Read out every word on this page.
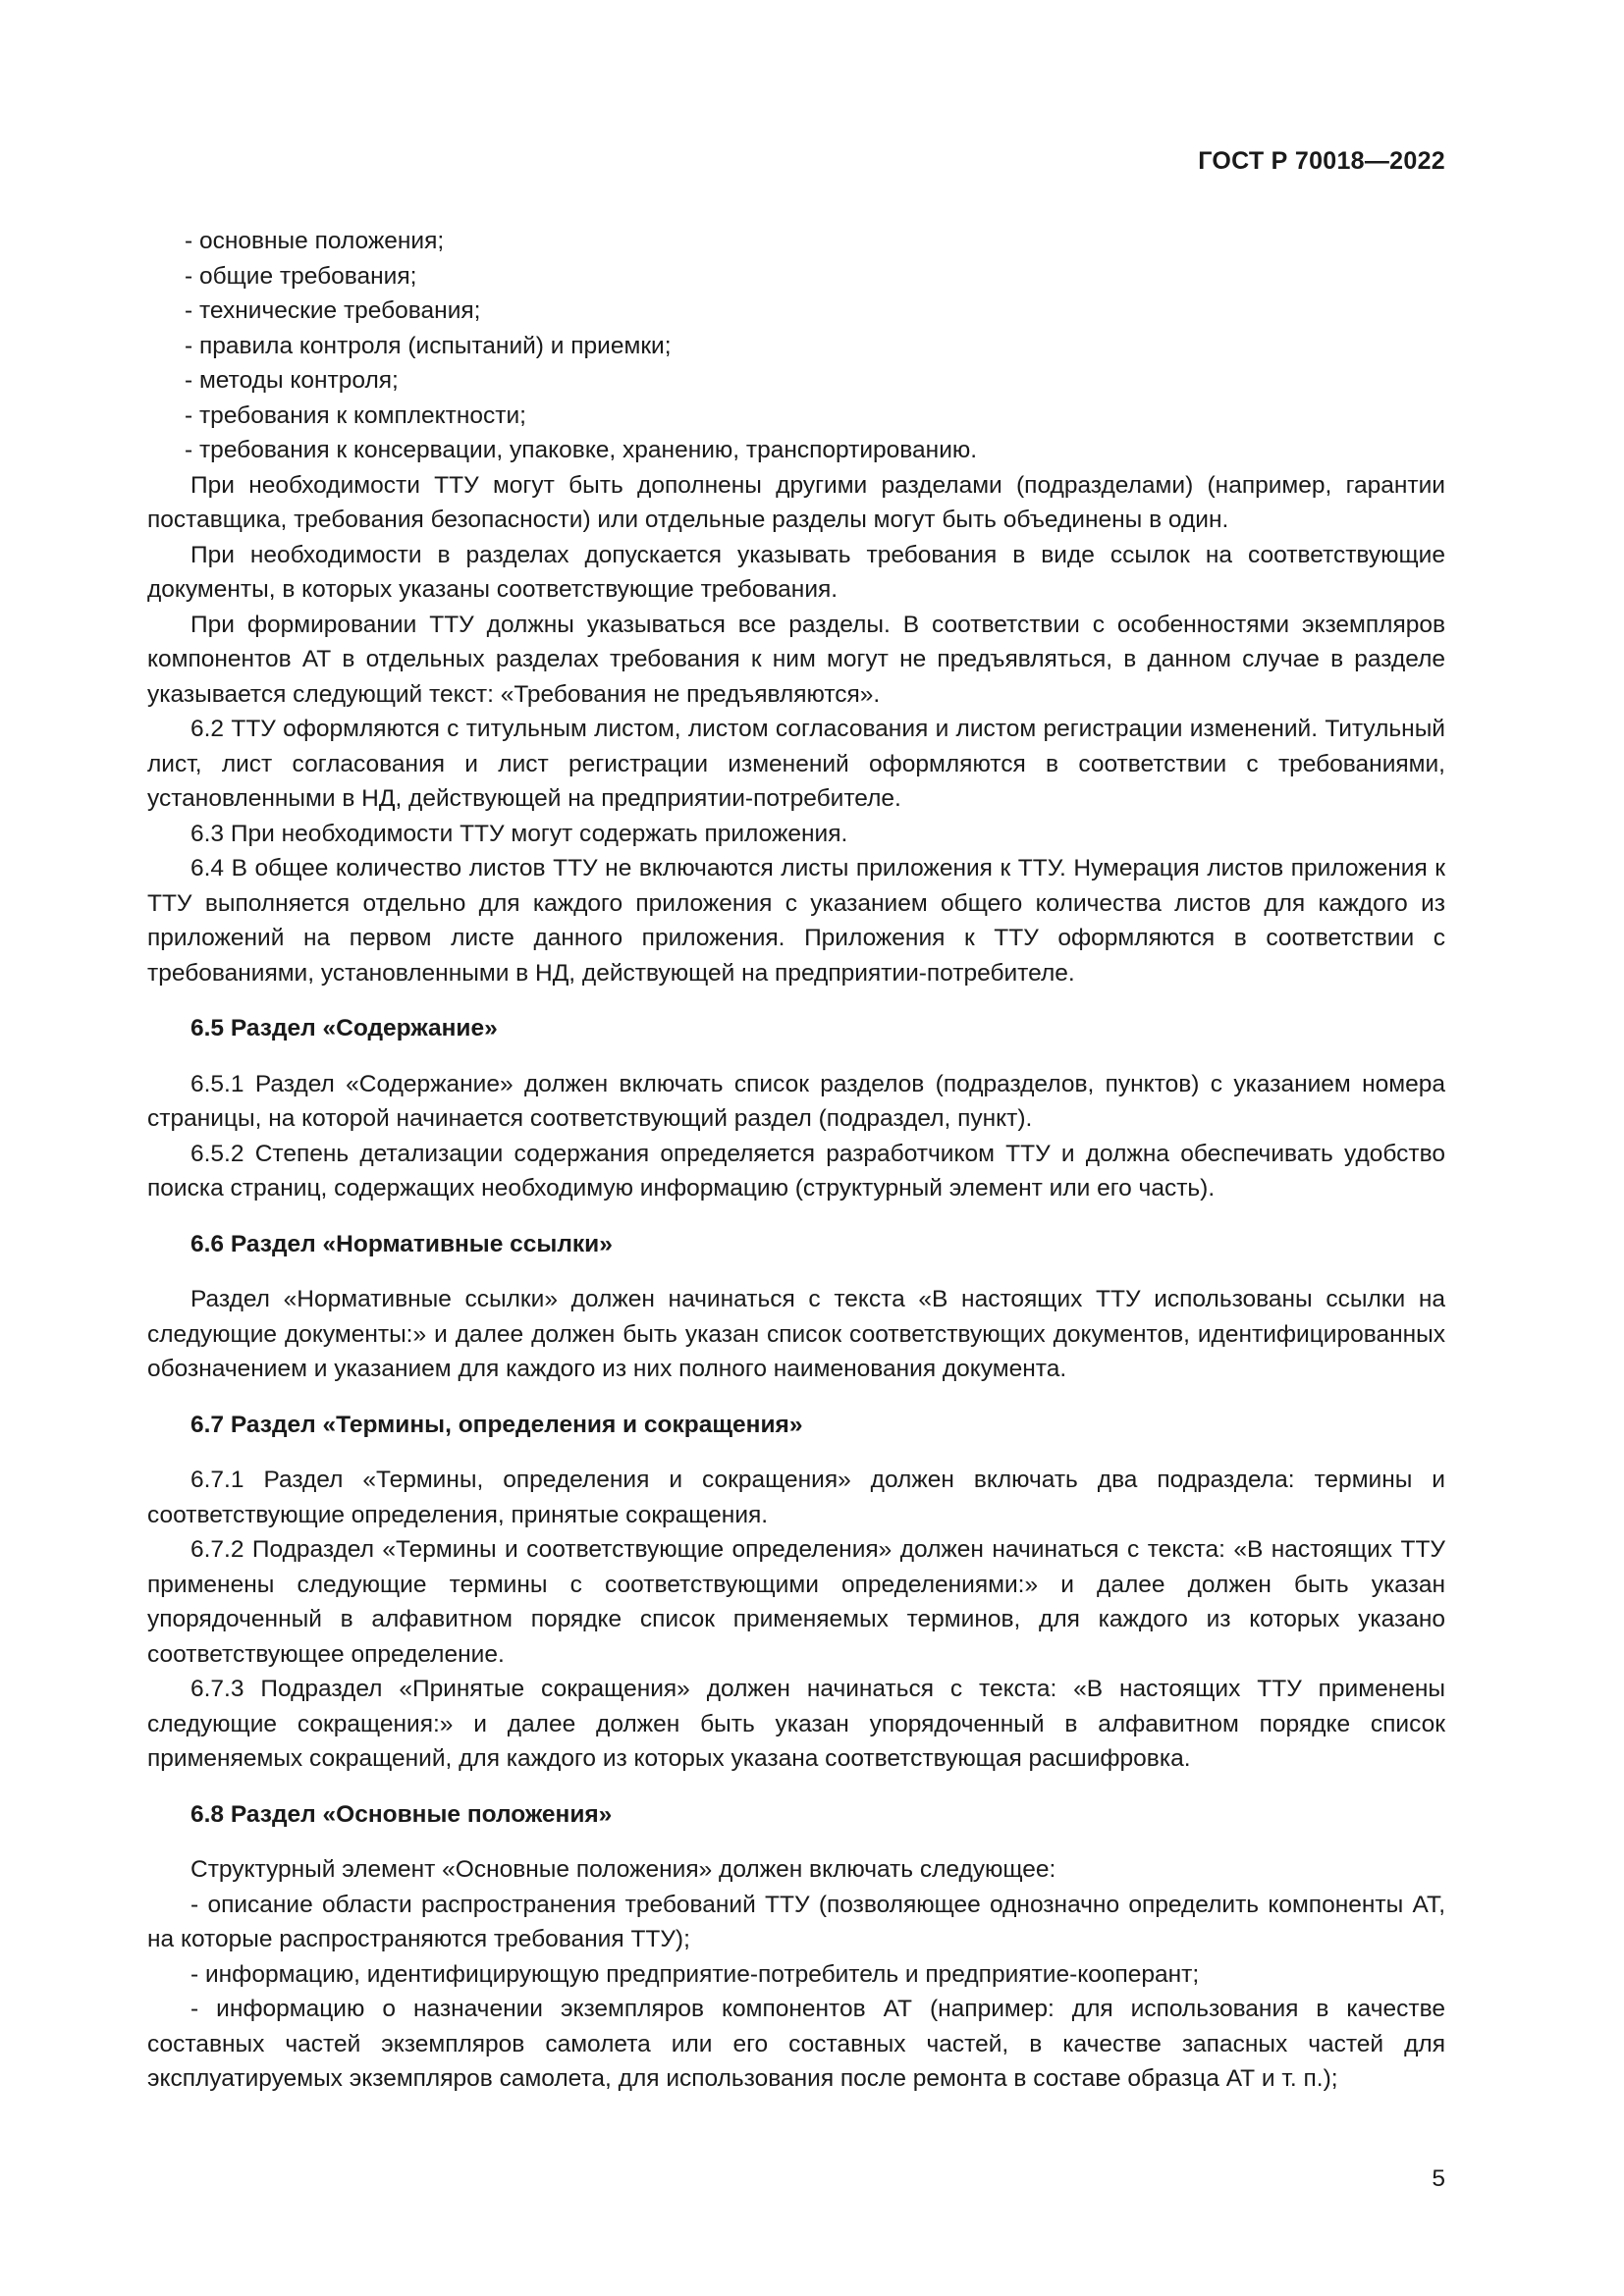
ГОСТ Р 70018—2022

- основные положения;

- общие требования;

- технические требования;

- правила контроля (испытаний) и приемки;

- методы контроля;

- требования к комплектности;

- требования к консервации, упаковке, хранению, транспортированию.

При необходимости ТТУ могут быть дополнены другими разделами (подразделами) (например, гарантии поставщика, требования безопасности) или отдельные разделы могут быть объединены в один.

При необходимости в разделах допускается указывать требования в виде ссылок на соответствующие документы, в которых указаны соответствующие требования.

При формировании ТТУ должны указываться все разделы. В соответствии с особенностями экземпляров компонентов АТ в отдельных разделах требования к ним могут не предъявляться, в данном случае в разделе указывается следующий текст: «Требования не предъявляются».

6.2 ТТУ оформляются с титульным листом, листом согласования и листом регистрации изменений. Титульный лист, лист согласования и лист регистрации изменений оформляются в соответствии с требованиями, установленными в НД, действующей на предприятии-потребителе.

6.3 При необходимости ТТУ могут содержать приложения.

6.4 В общее количество листов ТТУ не включаются листы приложения к ТТУ. Нумерация листов приложения к ТТУ выполняется отдельно для каждого приложения с указанием общего количества листов для каждого из приложений на первом листе данного приложения. Приложения к ТТУ оформляются в соответствии с требованиями, установленными в НД, действующей на предприятии-потребителе.

6.5 Раздел «Содержание»

6.5.1 Раздел «Содержание» должен включать список разделов (подразделов, пунктов) с указанием номера страницы, на которой начинается соответствующий раздел (подраздел, пункт).

6.5.2 Степень детализации содержания определяется разработчиком ТТУ и должна обеспечивать удобство поиска страниц, содержащих необходимую информацию (структурный элемент или его часть).

6.6 Раздел «Нормативные ссылки»

Раздел «Нормативные ссылки» должен начинаться с текста «В настоящих ТТУ использованы ссылки на следующие документы:» и далее должен быть указан список соответствующих документов, идентифицированных обозначением и указанием для каждого из них полного наименования документа.

6.7 Раздел «Термины, определения и сокращения»

6.7.1 Раздел «Термины, определения и сокращения» должен включать два подраздела: термины и соответствующие определения, принятые сокращения.

6.7.2 Подраздел «Термины и соответствующие определения» должен начинаться с текста: «В настоящих ТТУ применены следующие термины с соответствующими определениями:» и далее должен быть указан упорядоченный в алфавитном порядке список применяемых терминов, для каждого из которых указано соответствующее определение.

6.7.3 Подраздел «Принятые сокращения» должен начинаться с текста: «В настоящих ТТУ применены следующие сокращения:» и далее должен быть указан упорядоченный в алфавитном порядке список применяемых сокращений, для каждого из которых указана соответствующая расшифровка.

6.8 Раздел «Основные положения»

Структурный элемент «Основные положения» должен включать следующее:

- описание области распространения требований ТТУ (позволяющее однозначно определить компоненты АТ, на которые распространяются требования ТТУ);

- информацию, идентифицирующую предприятие-потребитель и предприятие-кооперант;

- информацию о назначении экземпляров компонентов АТ (например: для использования в качестве составных частей экземпляров самолета или его составных частей, в качестве запасных частей для эксплуатируемых экземпляров самолета, для использования после ремонта в составе образца АТ и т. п.);

5
